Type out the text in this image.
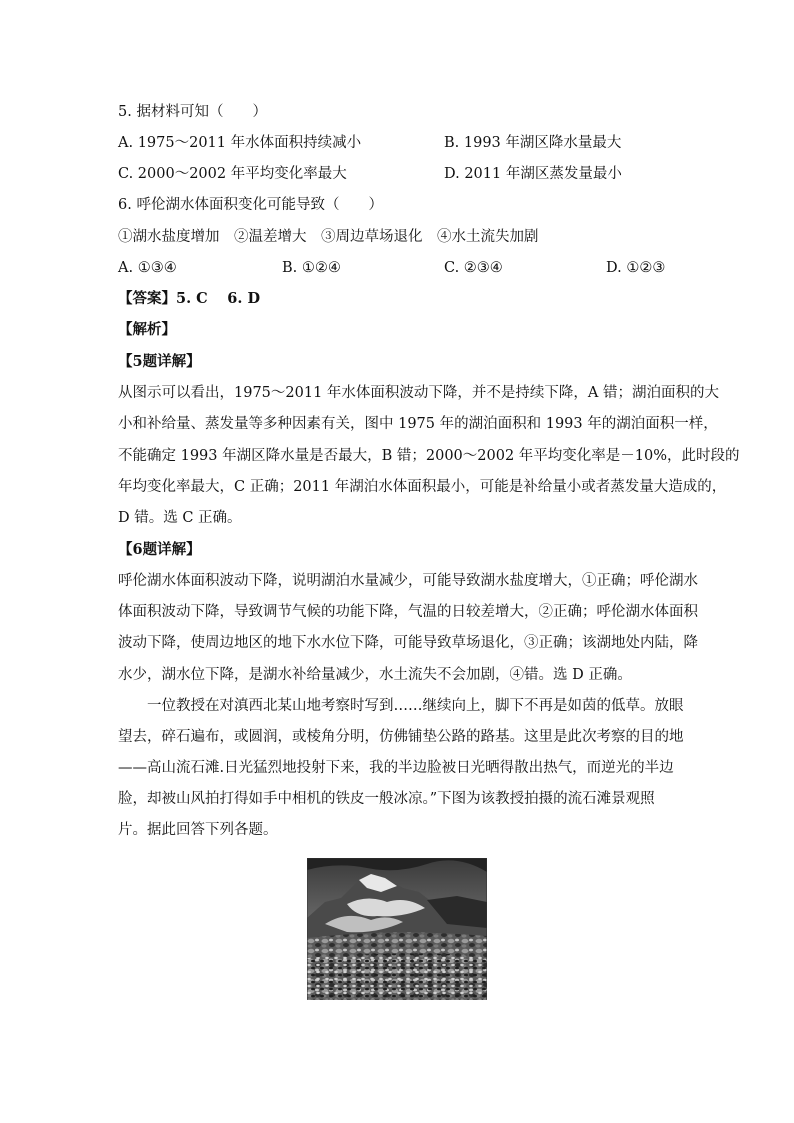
5. 据材料可知（　　）
A. 1975～2011 年水体面积持续减小	B. 1993 年湖区降水量最大
C. 2000～2002 年平均变化率最大	D. 2011 年湖区蒸发量最小
6. 呼伦湖水体面积变化可能导致（　　）
①湖水盐度增加　②温差增大　③周边草场退化　④水土流失加剧
A. ①③④	B. ①②④	C. ②③④	D. ①②③
【答案】5. C　 6. D
【解析】
【5题详解】
从图示可以看出，1975～2011 年水体面积波动下降，并不是持续下降，A 错；湖泊面积的大
小和补给量、蒸发量等多种因素有关，图中 1975 年的湖泊面积和 1993 年的湖泊面积一样，
不能确定 1993 年湖区降水量是否最大，B 错；2000～2002 年平均变化率是－10%，此时段的
年均变化率最大，C 正确；2011 年湖泊水体面积最小，可能是补给量小或者蒸发量大造成的，
D 错。选 C 正确。
【6题详解】
呼伦湖水体面积波动下降，说明湖泊水量减少，可能导致湖水盐度增大，①正确；呼伦湖水
体面积波动下降，导致调节气候的功能下降，气温的日较差增大，②正确；呼伦湖水体面积
波动下降，使周边地区的地下水水位下降，可能导致草场退化，③正确；该湖地处内陆，降
水少，湖水位下降，是湖水补给量减少，水土流失不会加剧，④错。选 D 正确。
　　一位教授在对滇西北某山地考察时写到……继续向上，脚下不再是如茵的低草。放眼
望去，碎石遍布，或圆润，或棱角分明，仿佛铺垫公路的路基。这里是此次考察的目的地
——高山流石滩.日光猛烈地投射下来，我的半边脸被日光晒得散出热气，而逆光的半边
脸，却被山风拍打得如手中相机的铁皮一般冰凉。”下图为该教授拍摄的流石滩景观照
片。据此回答下列各题。
